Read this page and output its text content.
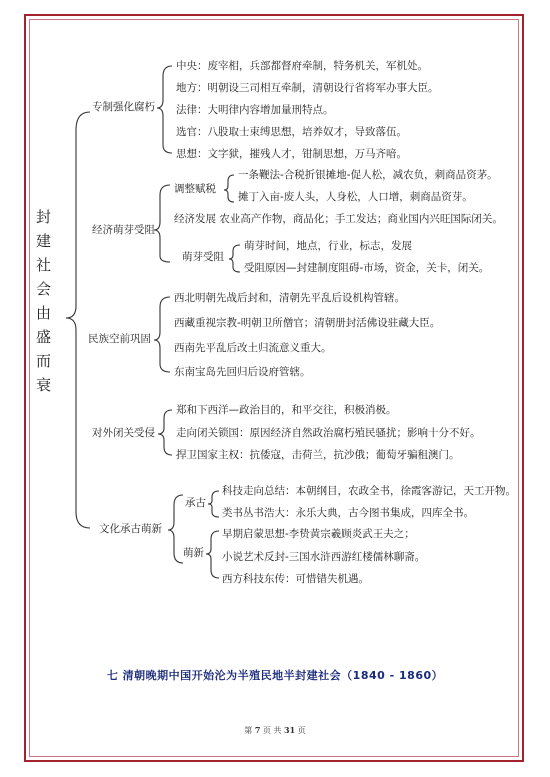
封
建
社
会
由
盛
而
衰
专制强化腐朽
中央：废宰相，兵部都督府牵制，特务机关，军机处。
地方：明朝设三司相互牵制，清朝设行省将军办事大臣。
法律：大明律内容增加量刑特点。
选官：八股取士束缚思想，培养奴才，导致落伍。
思想：文字狱，摧残人才，钳制思想，万马齐喑。
经济萌芽受阻
调整赋税
一条鞭法-合税折银摊地-促人松，减农负，刺商品资茅。
摊丁入亩-废人头，人身松，人口增，刺商品资芽。
经济发展 农业高产作物，商品化；手工发达；商业国内兴旺国际闭关。
萌芽受阻
萌芽时间，地点，行业，标志，发展
受阻原因—封建制度阻碍-市场，资金，关卡，闭关。
民族空前巩固
西北明朝先战后封和，清朝先平乱后设机构管辖。
西藏重视宗教-明朝卫所僧官；清朝册封活佛设驻藏大臣。
西南先平乱后改土归流意义重大。
东南宝岛先回归后设府管辖。
对外闭关受侵
郑和下西洋—政治目的，和平交往，积极消极。
走向闭关锁国：原因经济自然政治腐朽殖民骚扰；影响十分不好。
捍卫国家主权：抗倭寇，击荷兰，抗沙俄；葡萄牙骗租澳门。
文化承古萌新
承古
科技走向总结：本朝纲目，农政全书，徐霞客游记，天工开物。
类书丛书浩大：永乐大典，古今图书集成，四库全书。
萌新
早期启蒙思想-李贽黄宗羲顾炎武王夫之；
小说艺术反封-三国水浒西游红楼儒林聊斋。
西方科技东传：可惜错失机遇。
七 清朝晚期中国开始沦为半殖民地半封建社会（1840 - 1860）
第 7 页 共 31 页
